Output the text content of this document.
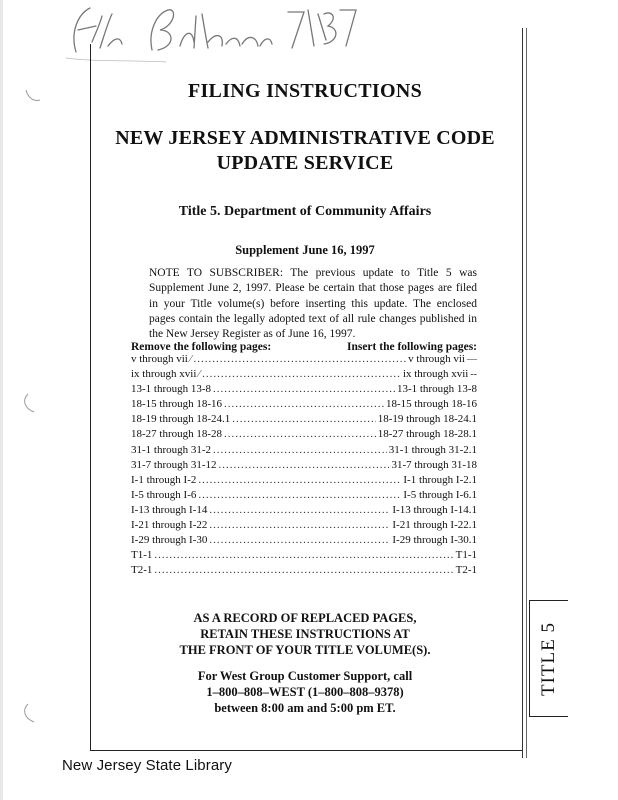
TITLE 5
FILING INSTRUCTIONS
NEW JERSEY ADMINISTRATIVE CODE
UPDATE SERVICE
Title 5. Department of Community Affairs
Supplement June 16, 1997
NOTE TO SUBSCRIBER: The previous update to Title 5 was Supplement June 2, 1997. Please be certain that those pages are filed in your Title volume(s) before inserting this update. The enclosed pages contain the legally adopted text of all rule changes published in the New Jersey Register as of June 16, 1997.
Remove the following pages:	Insert the following pages:
v through vii ⁄ .....	v through vii —
ix through xvii ⁄ .....	ix through xvii --
13-1 through 13-8 .....	13-1 through 13-8
18-15 through 18-16 .....	18-15 through 18-16
18-19 through 18-24.1 .....	18-19 through 18-24.1
18-27 through 18-28 .....	18-27 through 18-28.1
31-1 through 31-2 .....	31-1 through 31-2.1
31-7 through 31-12 .....	31-7 through 31-18
I-1 through I-2 .....	I-1 through I-2.1
I-5 through I-6 .....	I-5 through I-6.1
I-13 through I-14 .....	I-13 through I-14.1
I-21 through I-22 .....	I-21 through I-22.1
I-29 through I-30 .....	I-29 through I-30.1
T1-1 .....	T1-1
T2-1 .....	T2-1
AS A RECORD OF REPLACED PAGES,
RETAIN THESE INSTRUCTIONS AT
THE FRONT OF YOUR TITLE VOLUME(S).
For West Group Customer Support, call
1–800–808–WEST (1–800–808–9378)
between 8:00 am and 5:00 pm ET.
New Jersey State Library
